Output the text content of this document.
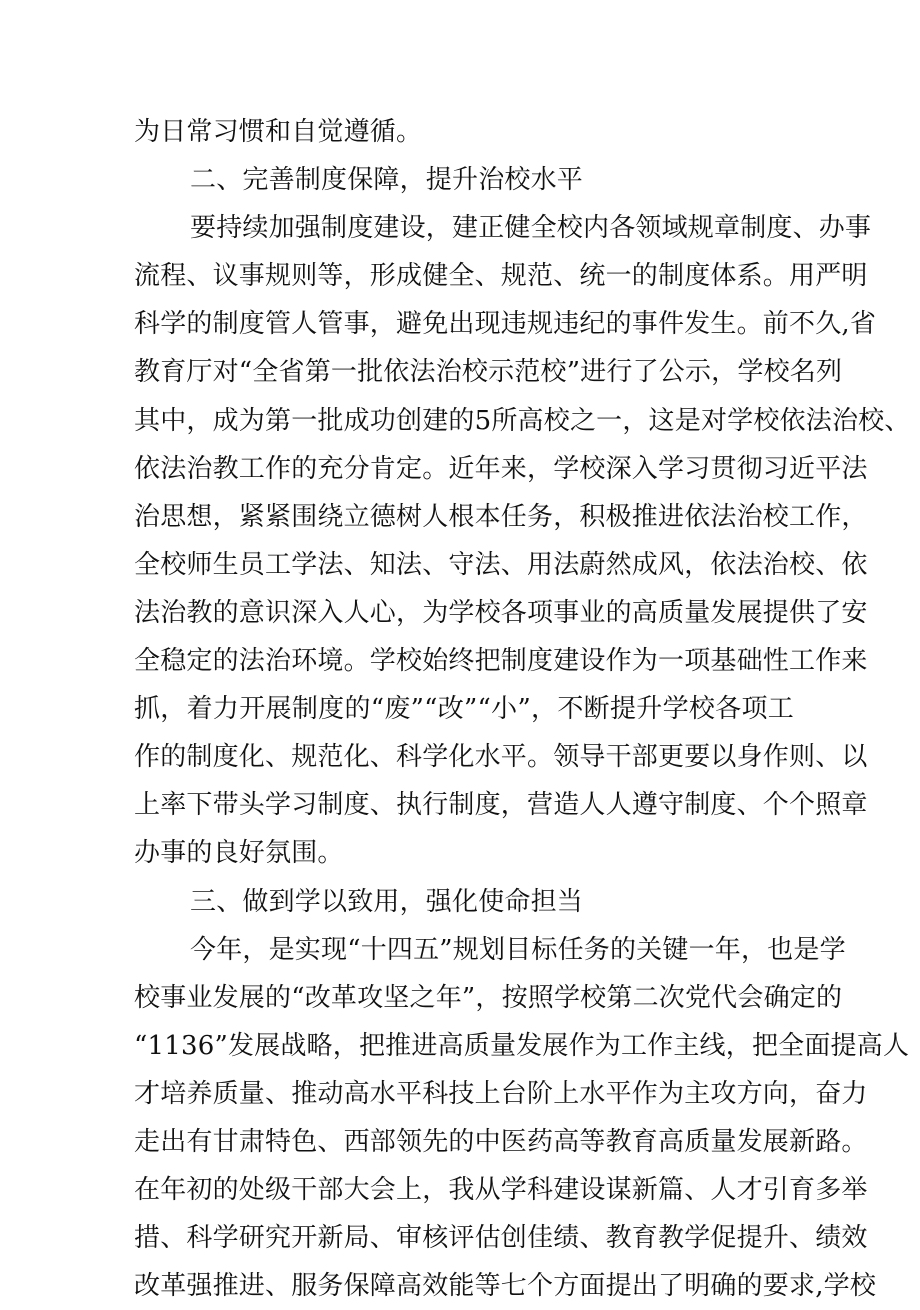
为日常习惯和自觉遵循。
二、完善制度保障，提升治校水平
要持续加强制度建设，建正健全校内各领域规章制度、办事
流程、议事规则等，形成健全、规范、统一的制度体系。用严明
科学的制度管人管事，避免出现违规违纪的事件发生。前不久,省
教育厅对“全省第一批依法治校示范校”进行了公示，学校名列
其中，成为第一批成功创建的5所高校之一，这是对学校依法治校、
依法治教工作的充分肯定。近年来，学校深入学习贯彻习近平法
治思想，紧紧围绕立德树人根本任务，积极推进依法治校工作，
全校师生员工学法、知法、守法、用法蔚然成风，依法治校、依
法治教的意识深入人心，为学校各项事业的高质量发展提供了安
全稳定的法治环境。学校始终把制度建设作为一项基础性工作来
抓，着力开展制度的“废”“改”“小”，不断提升学校各项工
作的制度化、规范化、科学化水平。领导干部更要以身作则、以
上率下带头学习制度、执行制度，营造人人遵守制度、个个照章
办事的良好氛围。
三、做到学以致用，强化使命担当
今年，是实现“十四五”规划目标任务的关键一年，也是学
校事业发展的“改革攻坚之年”，按照学校第二次党代会确定的
“1136”发展战略，把推进高质量发展作为工作主线，把全面提高人
才培养质量、推动高水平科技上台阶上水平作为主攻方向，奋力
走出有甘肃特色、西部领先的中医药高等教育高质量发展新路。
在年初的处级干部大会上，我从学科建设谋新篇、人才引育多举
措、科学研究开新局、审核评估创佳绩、教育教学促提升、绩效
改革强推进、服务保障高效能等七个方面提出了明确的要求,学校
